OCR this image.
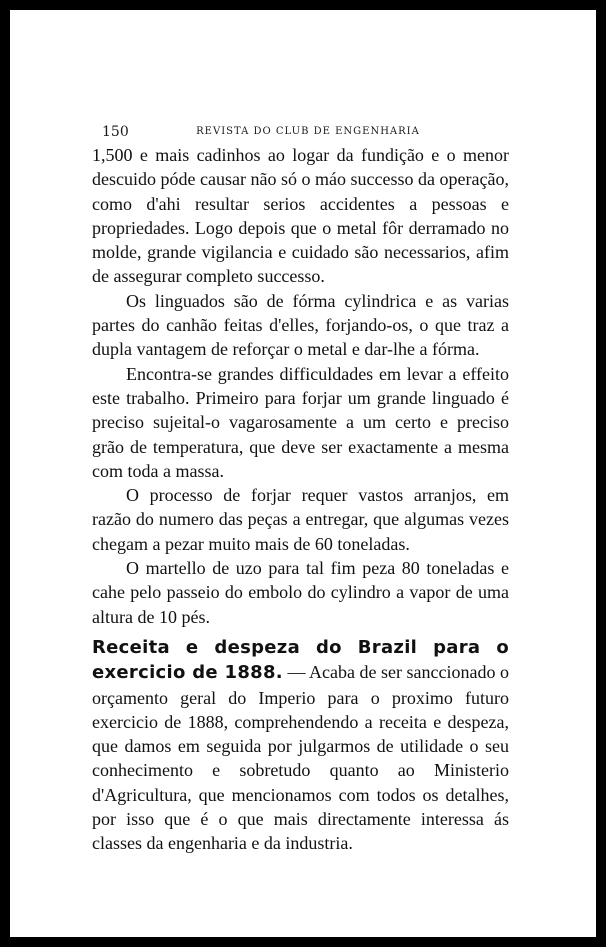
150	REVISTA DO CLUB DE ENGENHARIA

1,500 e mais cadinhos ao logar da fundição e o menor descuido póde causar não só o máo successo da operação, como d'ahi resultar serios accidentes a pessoas e propriedades. Logo depois que o metal fôr derramado no molde, grande vigilancia e cuidado são necessarios, afim de assegurar completo successo.

Os linguados são de fórma cylindrica e as varias partes do canhão feitas d'elles, forjando-os, o que traz a dupla vantagem de reforçar o metal e dar-lhe a fórma.

Encontra-se grandes difficuldades em levar a effeito este trabalho. Primeiro para forjar um grande linguado é preciso sujeital-o vagarosamente a um certo e preciso grão de temperatura, que deve ser exactamente a mesma com toda a massa.

O processo de forjar requer vastos arranjos, em razão do numero das peças a entregar, que algumas vezes chegam a pezar muito mais de 60 toneladas.

O martello de uzo para tal fim peza 80 toneladas e cahe pelo passeio do embolo do cylindro a vapor de uma altura de 10 pés.

Receita e despeza do Brazil para o exercicio de 1888. — Acaba de ser sanccionado o orçamento geral do Imperio para o proximo futuro exercicio de 1888, comprehendendo a receita e despeza, que damos em seguida por julgarmos de utilidade o seu conhecimento e sobretudo quanto ao Ministerio d'Agricultura, que mencionamos com todos os detalhes, por isso que é o que mais directamente interessa ás classes da engenharia e da industria.
